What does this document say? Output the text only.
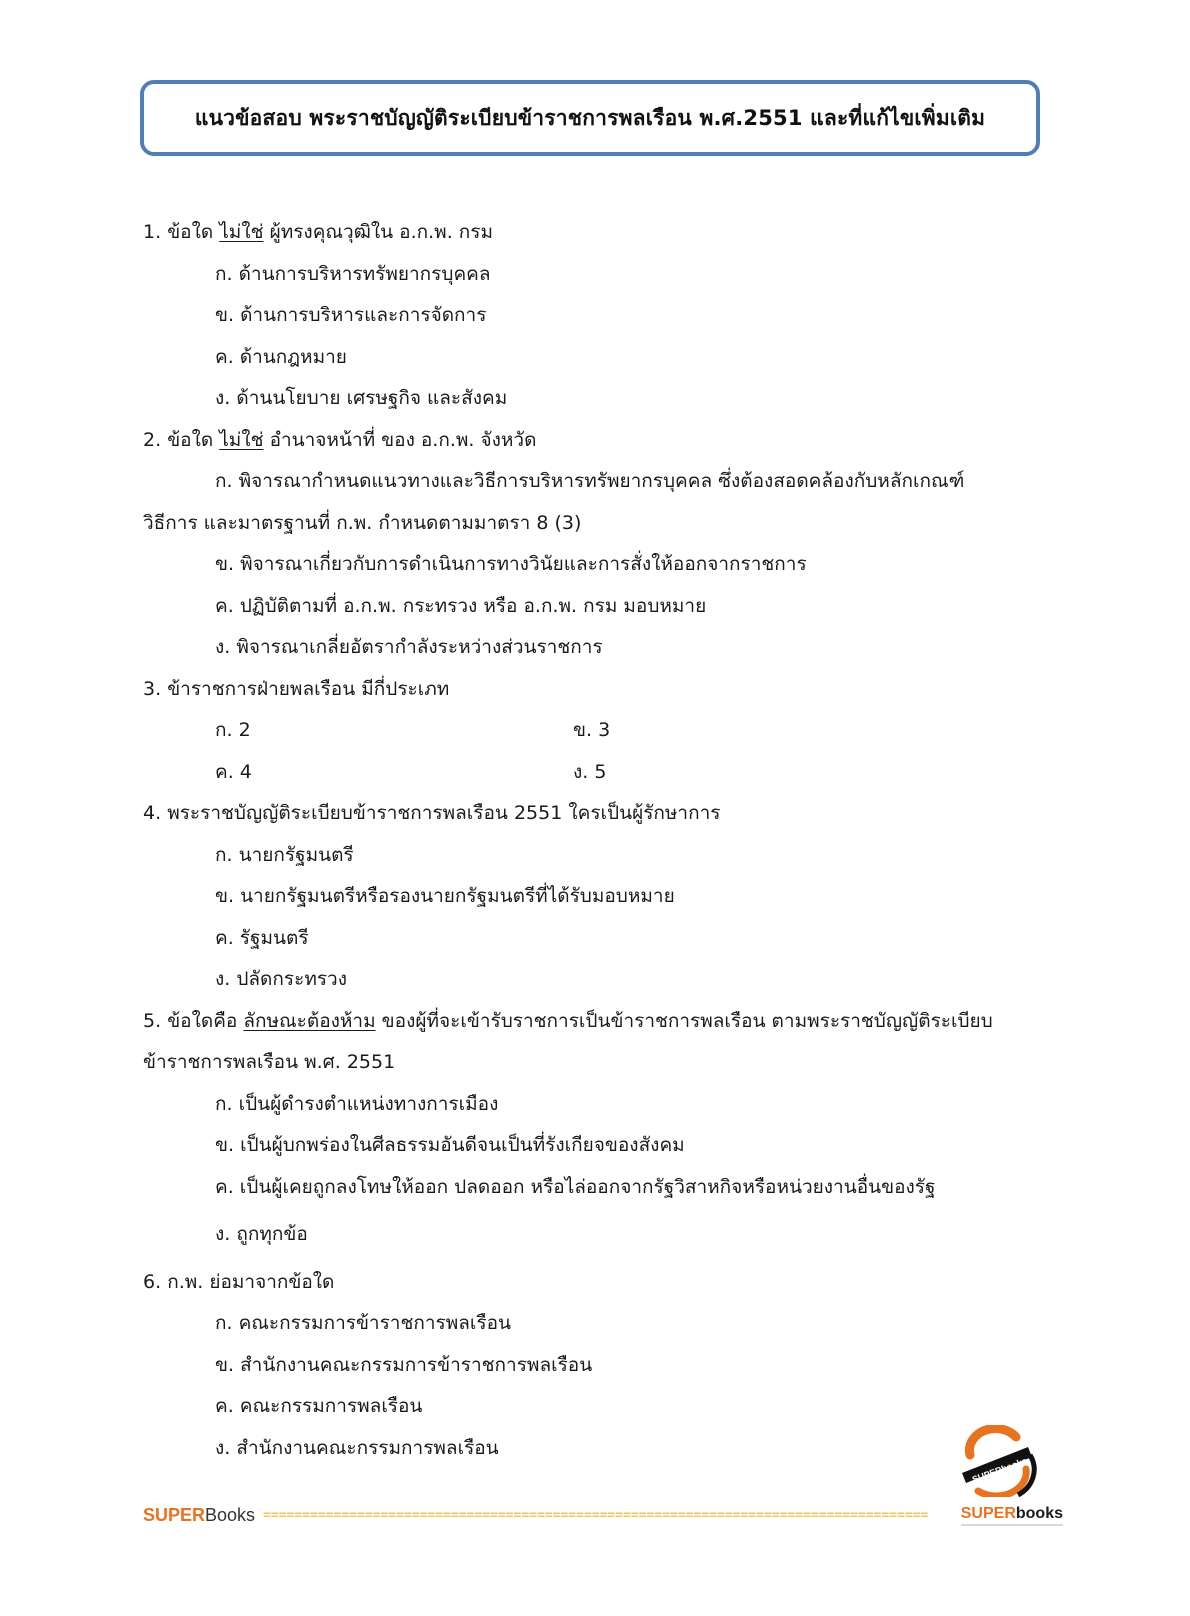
แนวข้อสอบ พระราชบัญญัติระเบียบข้าราชการพลเรือน พ.ศ.2551 และที่แก้ไขเพิ่มเติม
1. ข้อใด ไม่ใช่ ผู้ทรงคุณวุฒิใน อ.ก.พ. กรม
ก. ด้านการบริหารทรัพยากรบุคคล
ข. ด้านการบริหารและการจัดการ
ค. ด้านกฎหมาย
ง. ด้านนโยบาย เศรษฐกิจ และสังคม
2. ข้อใด ไม่ใช่ อำนาจหน้าที่ ของ อ.ก.พ. จังหวัด
ก. พิจารณากำหนดแนวทางและวิธีการบริหารทรัพยากรบุคคล ซึ่งต้องสอดคล้องกับหลักเกณฑ์
วิธีการ และมาตรฐานที่ ก.พ. กำหนดตามมาตรา 8 (3)
ข. พิจารณาเกี่ยวกับการดำเนินการทางวินัยและการสั่งให้ออกจากราชการ
ค. ปฏิบัติตามที่ อ.ก.พ. กระทรวง หรือ อ.ก.พ. กรม มอบหมาย
ง. พิจารณาเกลี่ยอัตรากำลังระหว่างส่วนราชการ
3. ข้าราชการฝ่ายพลเรือน มีกี่ประเภท
ก. 2	ข. 3
ค. 4	ง. 5
4. พระราชบัญญัติระเบียบข้าราชการพลเรือน 2551 ใครเป็นผู้รักษาการ
ก. นายกรัฐมนตรี
ข. นายกรัฐมนตรีหรือรองนายกรัฐมนตรีที่ได้รับมอบหมาย
ค. รัฐมนตรี
ง. ปลัดกระทรวง
5. ข้อใดคือ ลักษณะต้องห้าม ของผู้ที่จะเข้ารับราชการเป็นข้าราชการพลเรือน ตามพระราชบัญญัติระเบียบ
ข้าราชการพลเรือน พ.ศ. 2551
ก. เป็นผู้ดำรงตำแหน่งทางการเมือง
ข. เป็นผู้บกพร่องในศีลธรรมอันดีจนเป็นที่รังเกียจของสังคม
ค. เป็นผู้เคยถูกลงโทษให้ออก ปลดออก หรือไล่ออกจากรัฐวิสาหกิจหรือหน่วยงานอื่นของรัฐ
ง. ถูกทุกข้อ
6. ก.พ. ย่อมาจากข้อใด
ก. คณะกรรมการข้าราชการพลเรือน
ข. สำนักงานคณะกรรมการข้าราชการพลเรือน
ค. คณะกรรมการพลเรือน
ง. สำนักงานคณะกรรมการพลเรือน
SUPERbooks
SUPERBooks =====================================================================================	SUPERbooks
